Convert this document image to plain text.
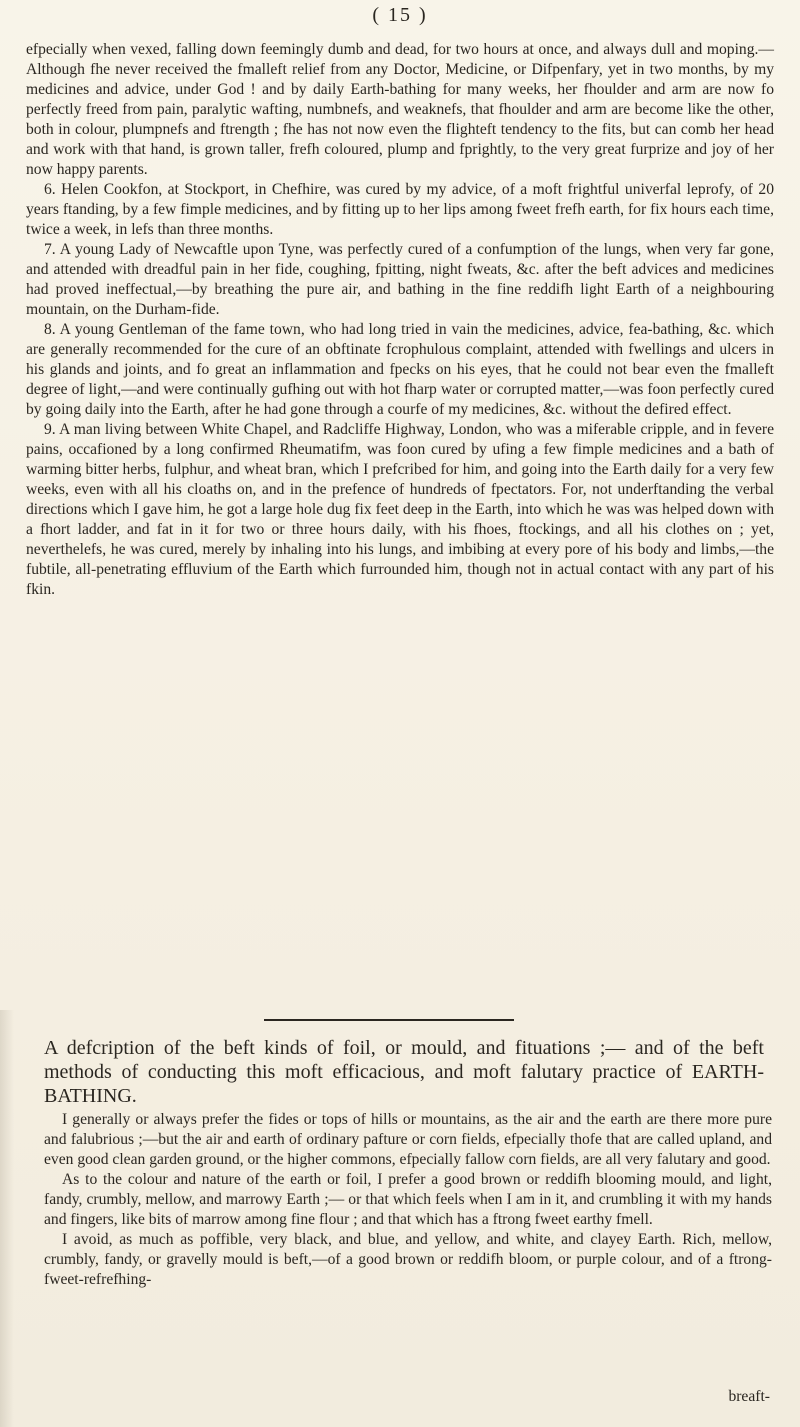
( 15 )

efpecially when vexed, falling down feemingly dumb and dead, for two hours at once, and always dull and moping.—Although fhe never received the fmalleft relief from any Doctor, Medicine, or Difpenfary, yet in two months, by my medicines and advice, under God ! and by daily Earth-bathing for many weeks, her fhoulder and arm are now fo perfectly freed from pain, paralytic wafting, numbnefs, and weaknefs, that fhoulder and arm are become like the other, both in colour, plumpnefs and ftrength ; fhe has not now even the flighteft tendency to the fits, but can comb her head and work with that hand, is grown taller, frefh coloured, plump and fprightly, to the very great furprize and joy of her now happy parents.

6. Helen Cookfon, at Stockport, in Chefhire, was cured by my advice, of a moft frightful univerfal leprofy, of 20 years ftanding, by a few fimple medicines, and by fitting up to her lips among fweet frefh earth, for fix hours each time, twice a week, in lefs than three months.

7. A young Lady of Newcaftle upon Tyne, was perfectly cured of a confumption of the lungs, when very far gone, and attended with dreadful pain in her fide, coughing, fpitting, night fweats, &c. after the beft advices and medicines had proved ineffectual,—by breathing the pure air, and bathing in the fine reddifh light Earth of a neighbouring mountain, on the Durham-fide.

8. A young Gentleman of the fame town, who had long tried in vain the medicines, advice, fea-bathing, &c. which are generally recommended for the cure of an obftinate fcrophulous complaint, attended with fwellings and ulcers in his glands and joints, and fo great an inflammation and fpecks on his eyes, that he could not bear even the fmalleft degree of light,—and were continually gufhing out with hot fharp water or corrupted matter,—was foon perfectly cured by going daily into the Earth, after he had gone through a courfe of my medicines, &c. without the defired effect.

9. A man living between White Chapel, and Radcliffe Highway, London, who was a miferable cripple, and in fevere pains, occafioned by a long confirmed Rheumatifm, was foon cured by ufing a few fimple medicines and a bath of warming bitter herbs, fulphur, and wheat bran, which I prefcribed for him, and going into the Earth daily for a very few weeks, even with all his cloaths on, and in the prefence of hundreds of fpectators. For, not underftanding the verbal directions which I gave him, he got a large hole dug fix feet deep in the Earth, into which he was was helped down with a fhort ladder, and fat in it for two or three hours daily, with his fhoes, ftockings, and all his clothes on ; yet, neverthelefs, he was cured, merely by inhaling into his lungs, and imbibing at every pore of his body and limbs,—the fubtile, all-penetrating effluvium of the Earth which furrounded him, though not in actual contact with any part of his fkin.

A defcription of the beft kinds of foil, or mould, and fituations ;— and of the beft methods of conducting this moft efficacious, and moft falutary practice of EARTH-BATHING.

I generally or always prefer the fides or tops of hills or mountains, as the air and the earth are there more pure and falubrious ;—but the air and earth of ordinary pafture or corn fields, efpecially thofe that are called upland, and even good clean garden ground, or the higher commons, efpecially fallow corn fields, are all very falutary and good.

As to the colour and nature of the earth or foil, I prefer a good brown or reddifh blooming mould, and light, fandy, crumbly, mellow, and marrowy Earth ;— or that which feels when I am in it, and crumbling it with my hands and fingers, like bits of marrow among fine flour ; and that which has a ftrong fweet earthy fmell.

I avoid, as much as poffible, very black, and blue, and yellow, and white, and clayey Earth. Rich, mellow, crumbly, fandy, or gravelly mould is beft,—of a good brown or reddifh bloom, or purple colour, and of a ftrong-fweet-refrefhing-

breaft-
